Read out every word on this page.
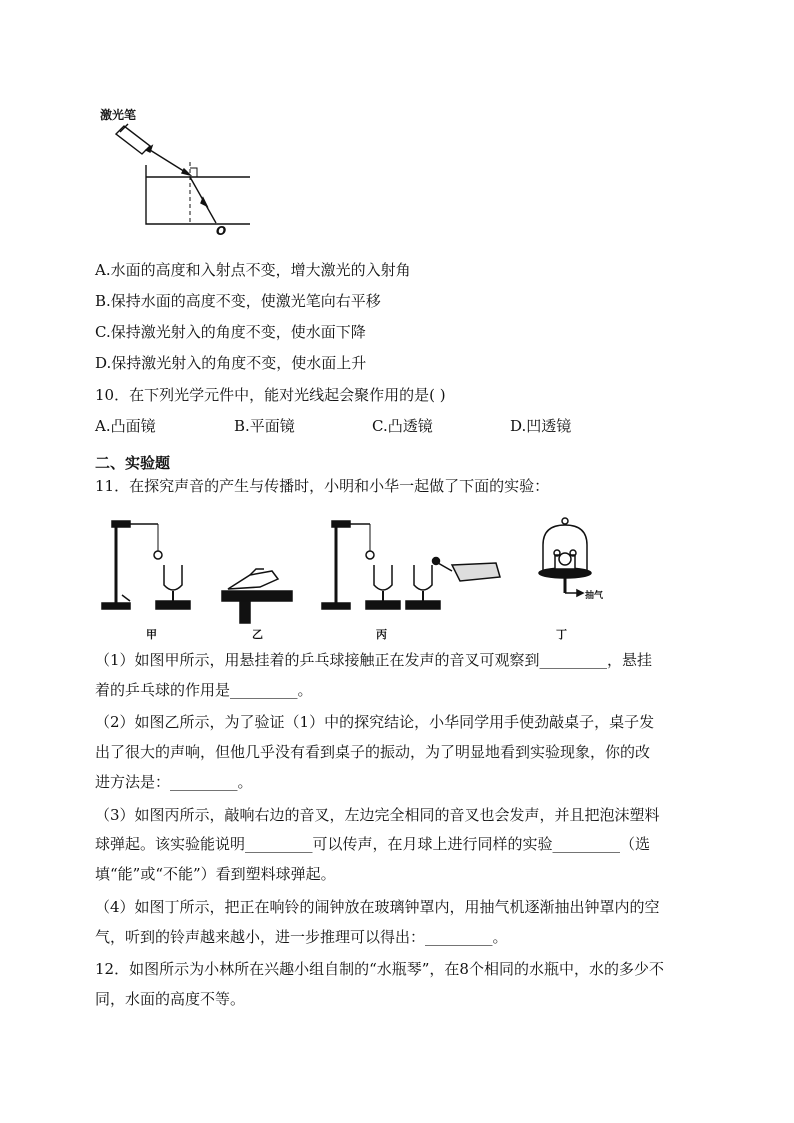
激光笔
O
A.水面的高度和入射点不变，增大激光的入射角
B.保持水面的高度不变，使激光笔向右平移
C.保持激光射入的角度不变，使水面下降
D.保持激光射入的角度不变，使水面上升
10．在下列光学元件中，能对光线起会聚作用的是( )
A.凸面镜	B.平面镜	C.凸透镜	D.凹透镜
二、实验题
11．在探究声音的产生与传播时，小明和小华一起做了下面的实验：
抽气
甲	乙	丙	丁
（1）如图甲所示，用悬挂着的乒乓球接触正在发声的音叉可观察到_________，悬挂
着的乒乓球的作用是_________。
（2）如图乙所示，为了验证（1）中的探究结论，小华同学用手使劲敲桌子，桌子发
出了很大的声响，但他几乎没有看到桌子的振动，为了明显地看到实验现象，你的改
进方法是：_________。
（3）如图丙所示，敲响右边的音叉，左边完全相同的音叉也会发声，并且把泡沫塑料
球弹起。该实验能说明_________可以传声，在月球上进行同样的实验_________（选
填“能”或“不能”）看到塑料球弹起。
（4）如图丁所示，把正在响铃的闹钟放在玻璃钟罩内，用抽气机逐渐抽出钟罩内的空
气，听到的铃声越来越小，进一步推理可以得出：_________。
12．如图所示为小林所在兴趣小组自制的“水瓶琴”，在8个相同的水瓶中，水的多少不
同，水面的高度不等。
